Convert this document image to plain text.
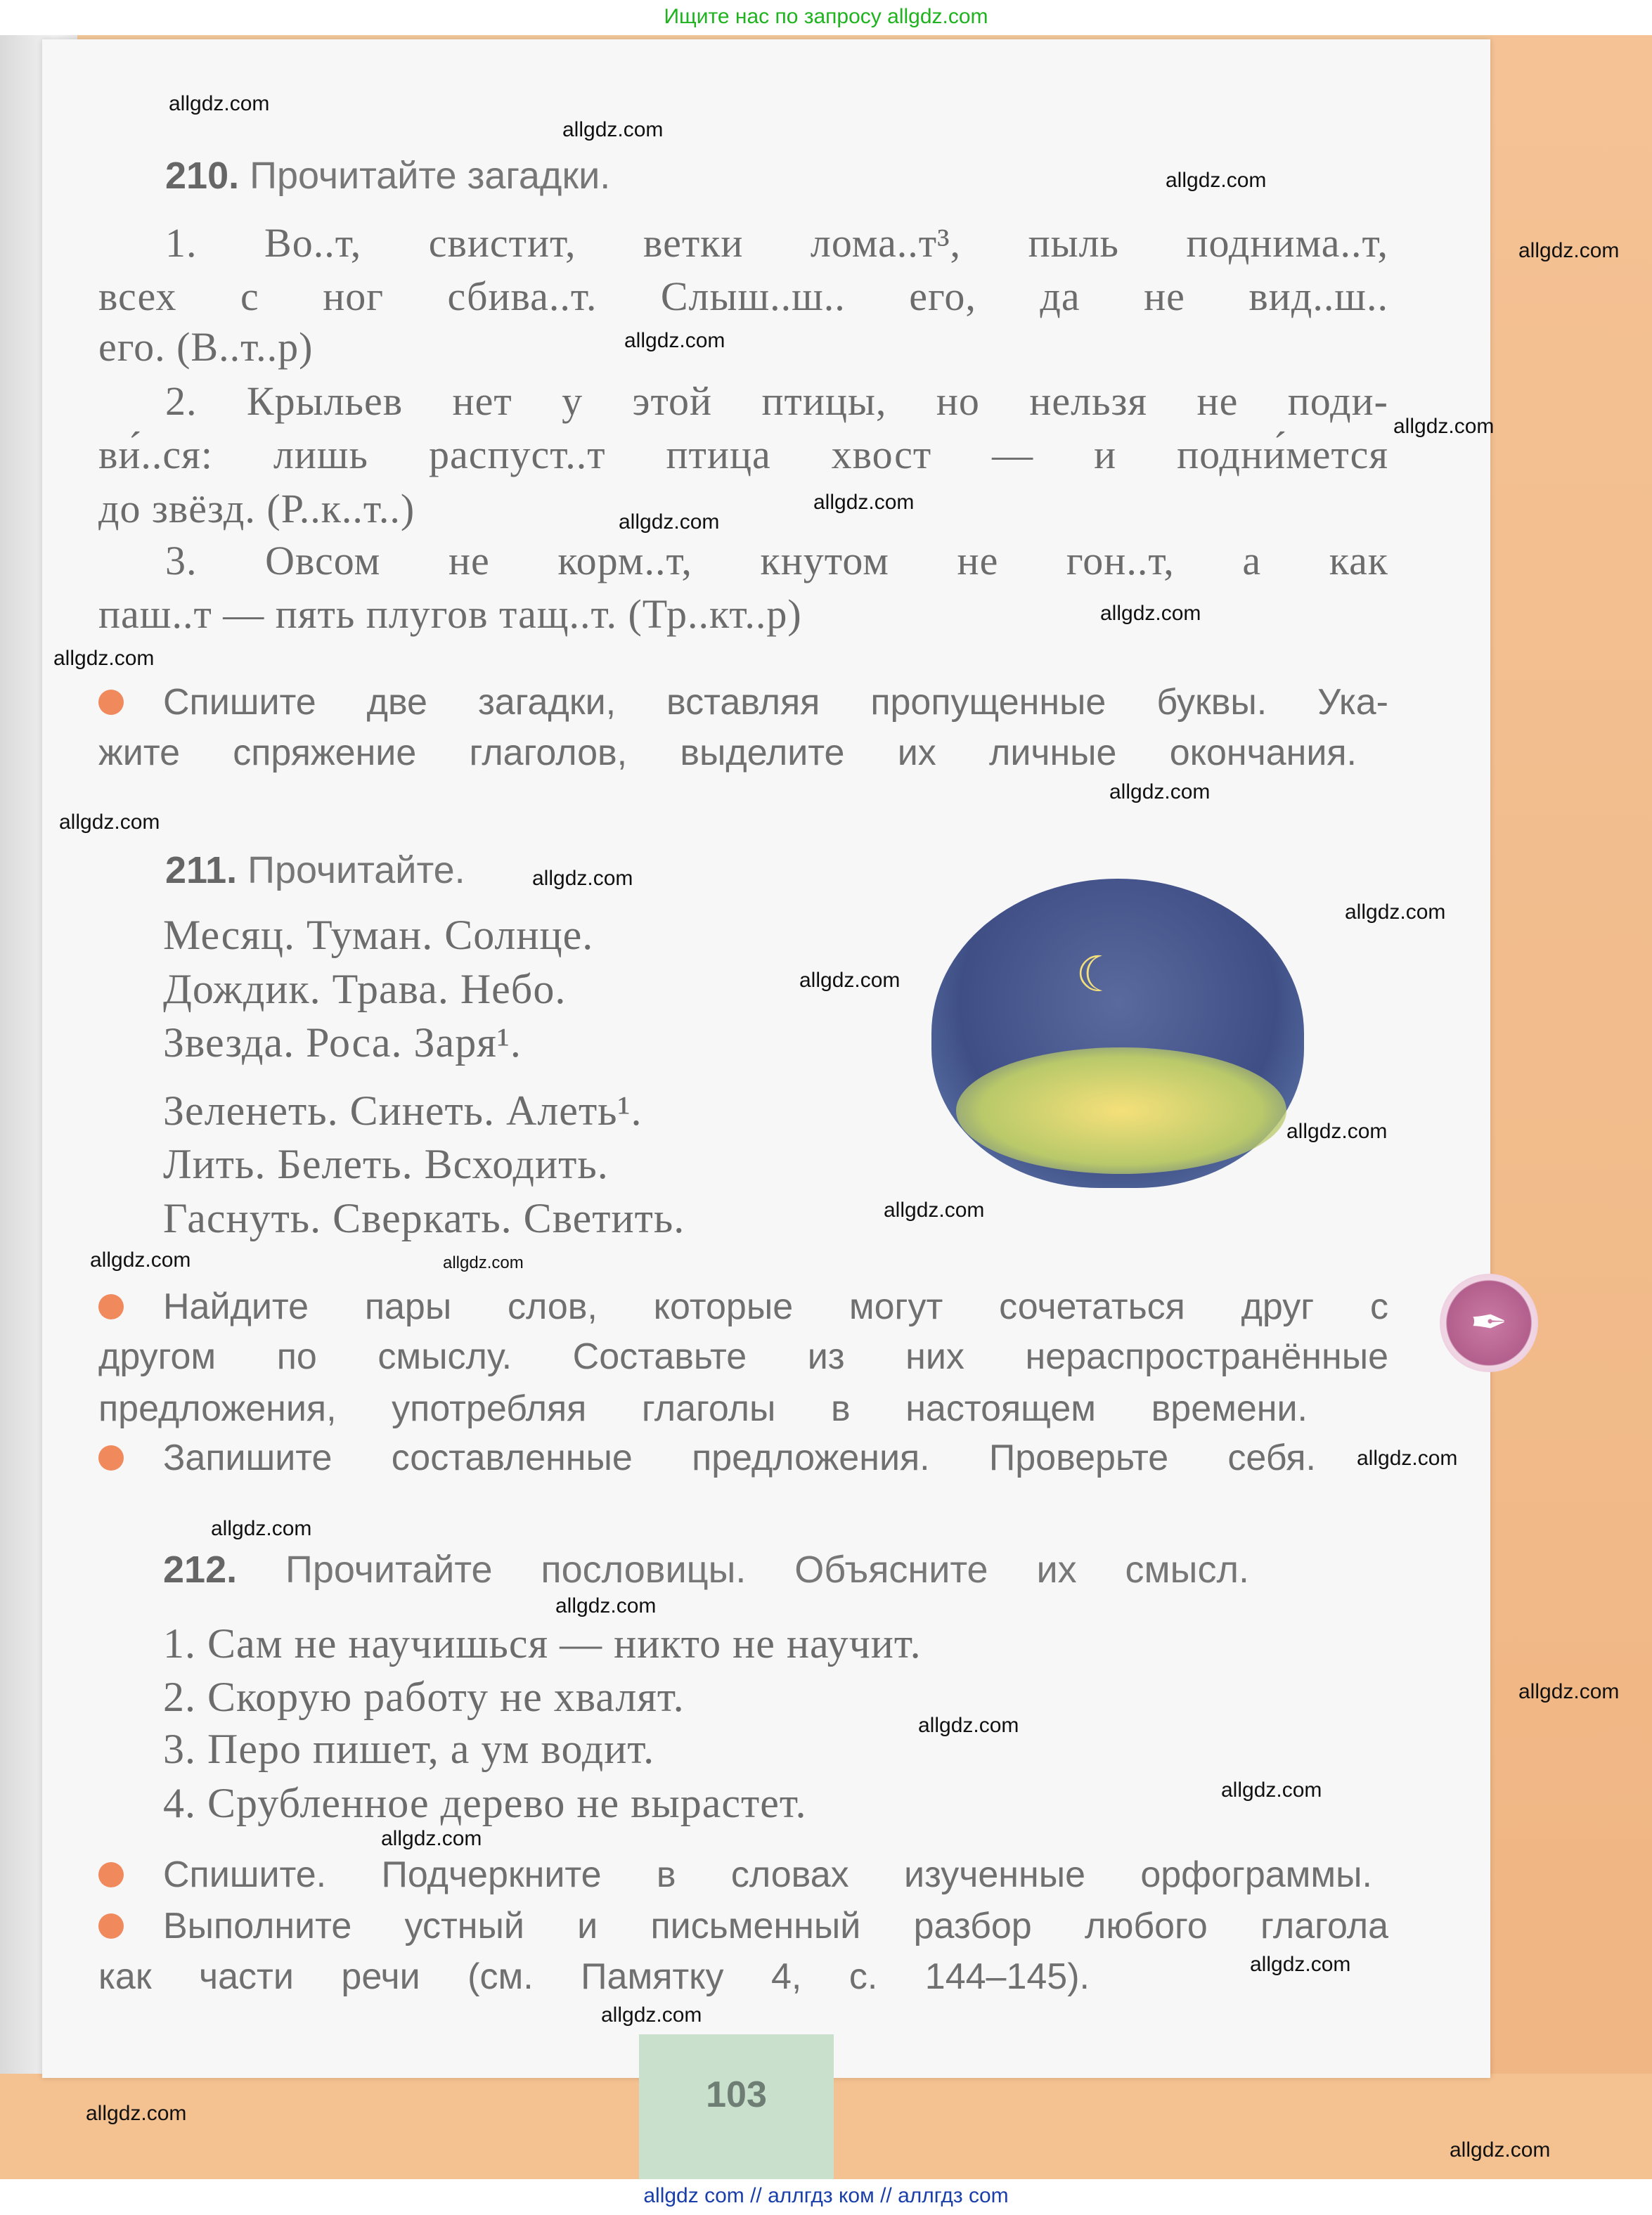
Ищите нас по запросу allgdz.com
☾
✒
210. Прочитайте загадки.
1. Во..т, свистит, ветки лома..т³, пыль поднима..т,
всех с ног сбива..т. Слыш..ш.. его, да не вид..ш..
его. (В..т..р)
2. Крыльев нет у этой птицы, но нельзя не поди-
ви́..ся: лишь распуст..т птица хвост — и подни́мется
до звёзд. (Р..к..т..)
3. Овсом не корм..т, кнутом не гон..т, а как
паш..т — пять плугов тащ..т. (Тр..кт..р)
Спишите две загадки, вставляя пропущенные буквы. Ука-
жите спряжение глаголов, выделите их личные окончания.
211. Прочитайте.
Месяц. Туман. Солнце.
Дождик. Трава. Небо.
Звезда. Роса. Заря¹.
Зеленеть. Синеть. Алеть¹.
Лить. Белеть. Всходить.
Гаснуть. Сверкать. Светить.
Найдите пары слов, которые могут сочетаться друг с
другом по смыслу. Составьте из них нераспространённые
предложения, употребляя глаголы в настоящем времени.
Запишите составленные предложения. Проверьте себя.
212. Прочитайте пословицы. Объясните их смысл.
1. Сам не научишься — никто не научит.
2. Скорую работу не хвалят.
3. Перо пишет, а ум водит.
4. Срубленное дерево не вырастет.
Спишите. Подчеркните в словах изученные орфограммы.
Выполните устный и письменный разбор любого глагола
как части речи (см. Памятку 4, с. 144–145).
103
allgdz.com
allgdz.com
allgdz.com
allgdz.com
allgdz.com
allgdz.com
allgdz.com
allgdz.com
allgdz.com
allgdz.com
allgdz.com
allgdz.com
allgdz.com
allgdz.com
allgdz.com
allgdz.com
allgdz.com
allgdz.com	allgdz.com
allgdz.com
allgdz.com
allgdz.com
allgdz.com
allgdz.com
allgdz.com
allgdz.com
allgdz.com
allgdz.com
allgdz.com
allgdz.com
allgdz com // аллгдз ком // аллгдз com
